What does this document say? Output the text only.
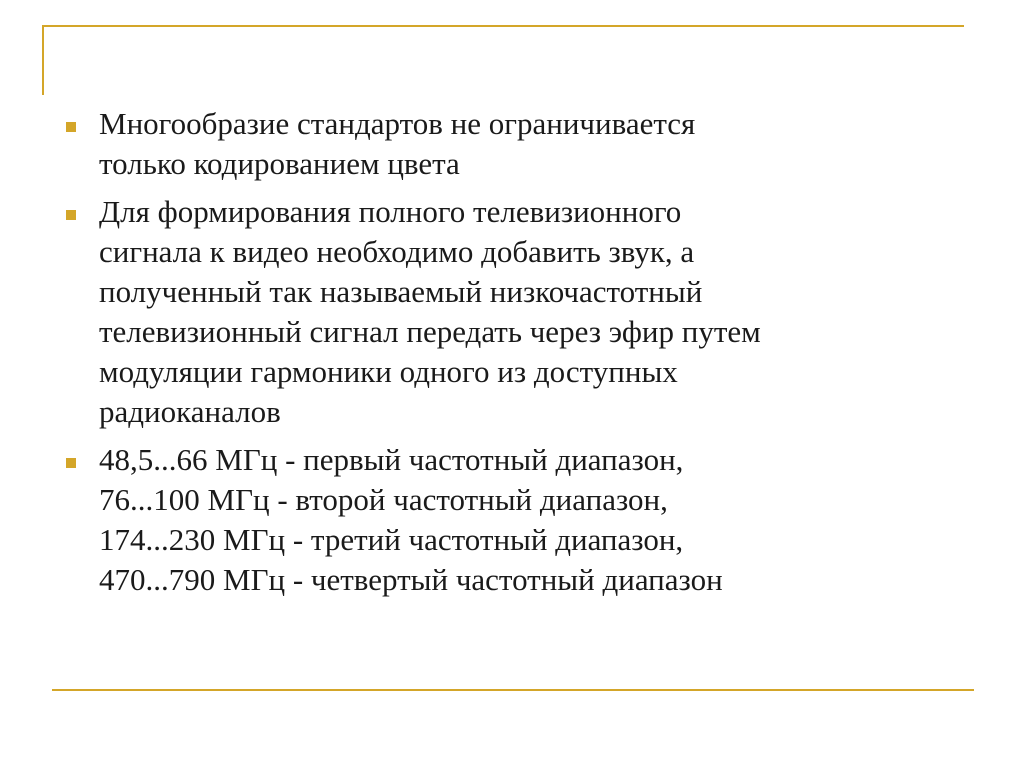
Многообразие стандартов не ограничивается
только кодированием цвета
Для формирования полного телевизионного
сигнала к видео необходимо добавить звук, а
полученный так называемый низкочастотный
телевизионный сигнал передать через эфир путем
модуляции гармоники одного из доступных
радиоканалов
48,5...66 МГц - первый частотный диапазон,
76...100 МГц - второй частотный диапазон,
174...230 МГц - третий частотный диапазон,
470...790 МГц - четвертый частотный диапазон
